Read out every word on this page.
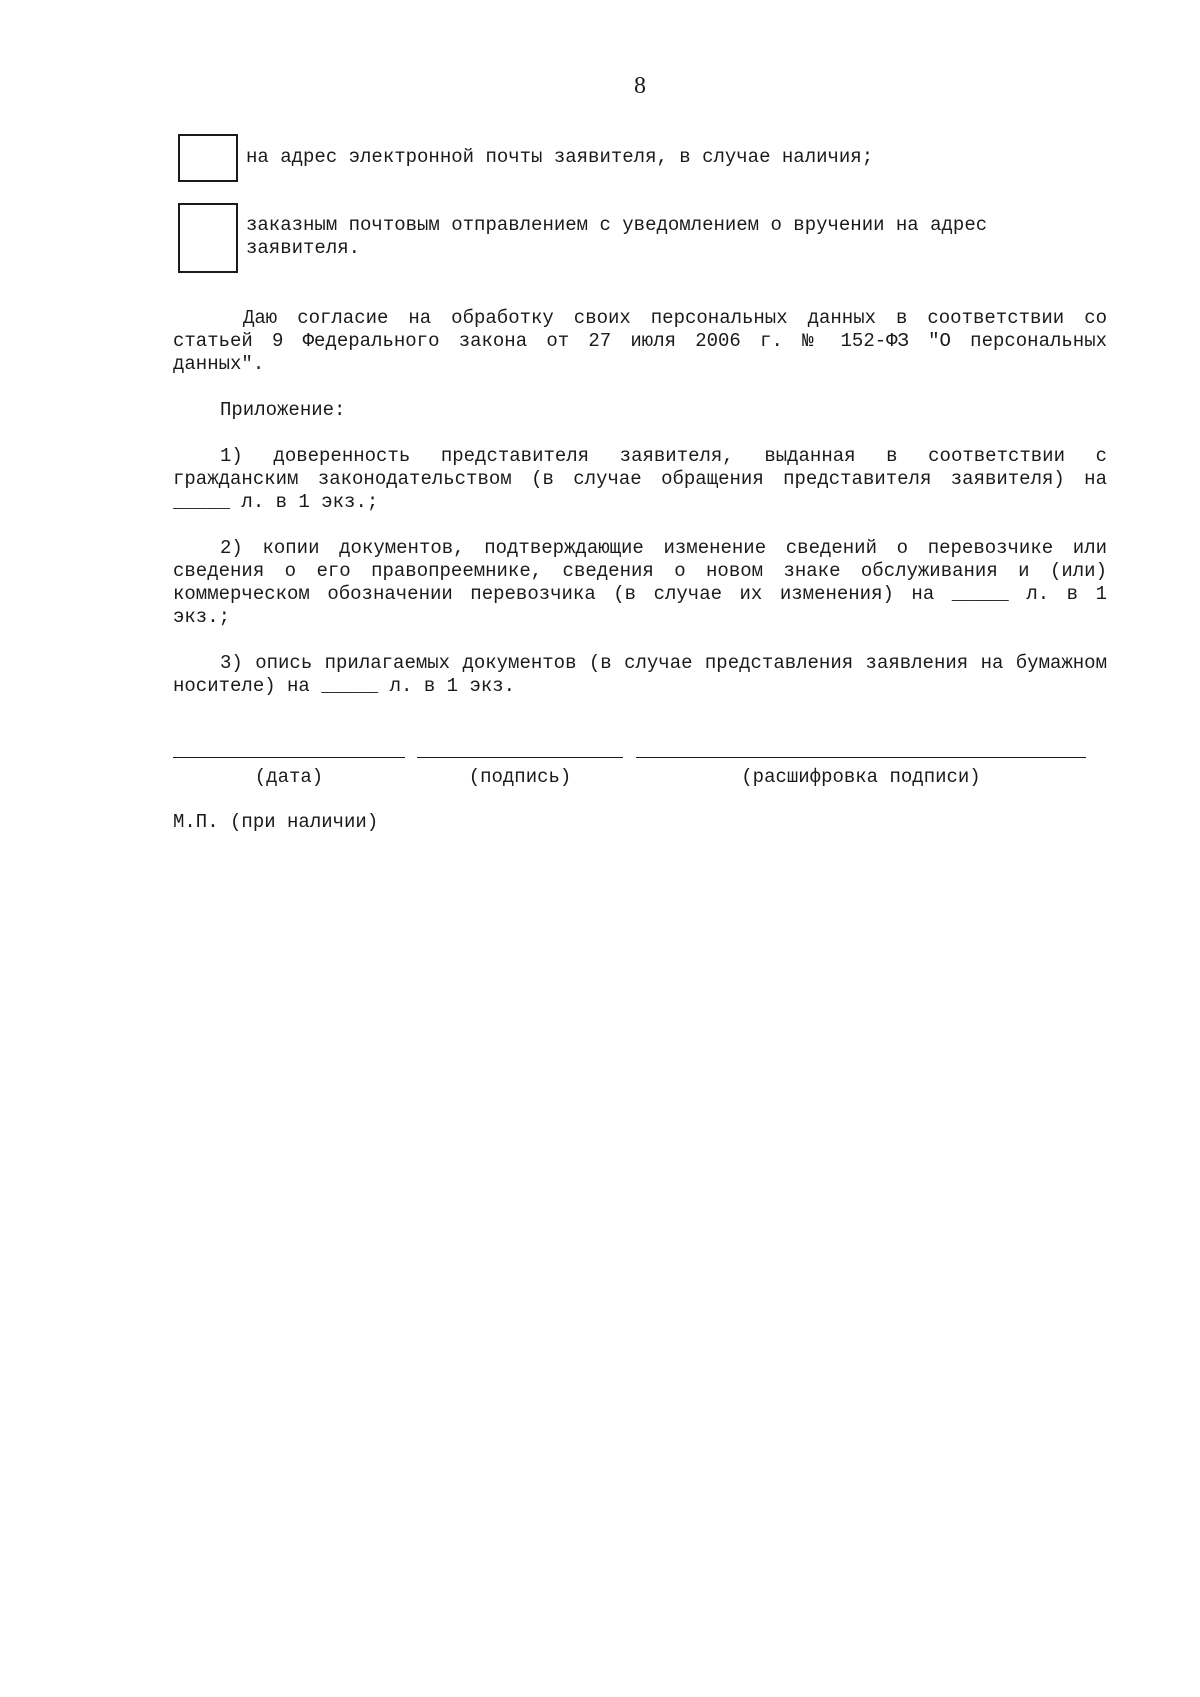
8
на адрес электронной почты заявителя, в случае наличия;
заказным почтовым отправлением с уведомлением о вручении на адрес заявителя.
Даю согласие на обработку своих персональных данных в соответствии со статьей 9 Федерального закона от 27 июля 2006 г. № 152-ФЗ "О персональных данных".
Приложение:
1) доверенность представителя заявителя, выданная в соответствии с гражданским законодательством (в случае обращения представителя заявителя) на _____ л. в 1 экз.;
2) копии документов, подтверждающие изменение сведений о перевозчике или сведения о его правопреемнике, сведения о новом знаке обслуживания и (или) коммерческом обозначении перевозчика (в случае их изменения) на _____ л. в 1 экз.;
3) опись прилагаемых документов (в случае представления заявления на бумажном носителе) на _____ л. в 1 экз.
(дата)	(подпись)	(расшифровка подписи)
М.П. (при наличии)
